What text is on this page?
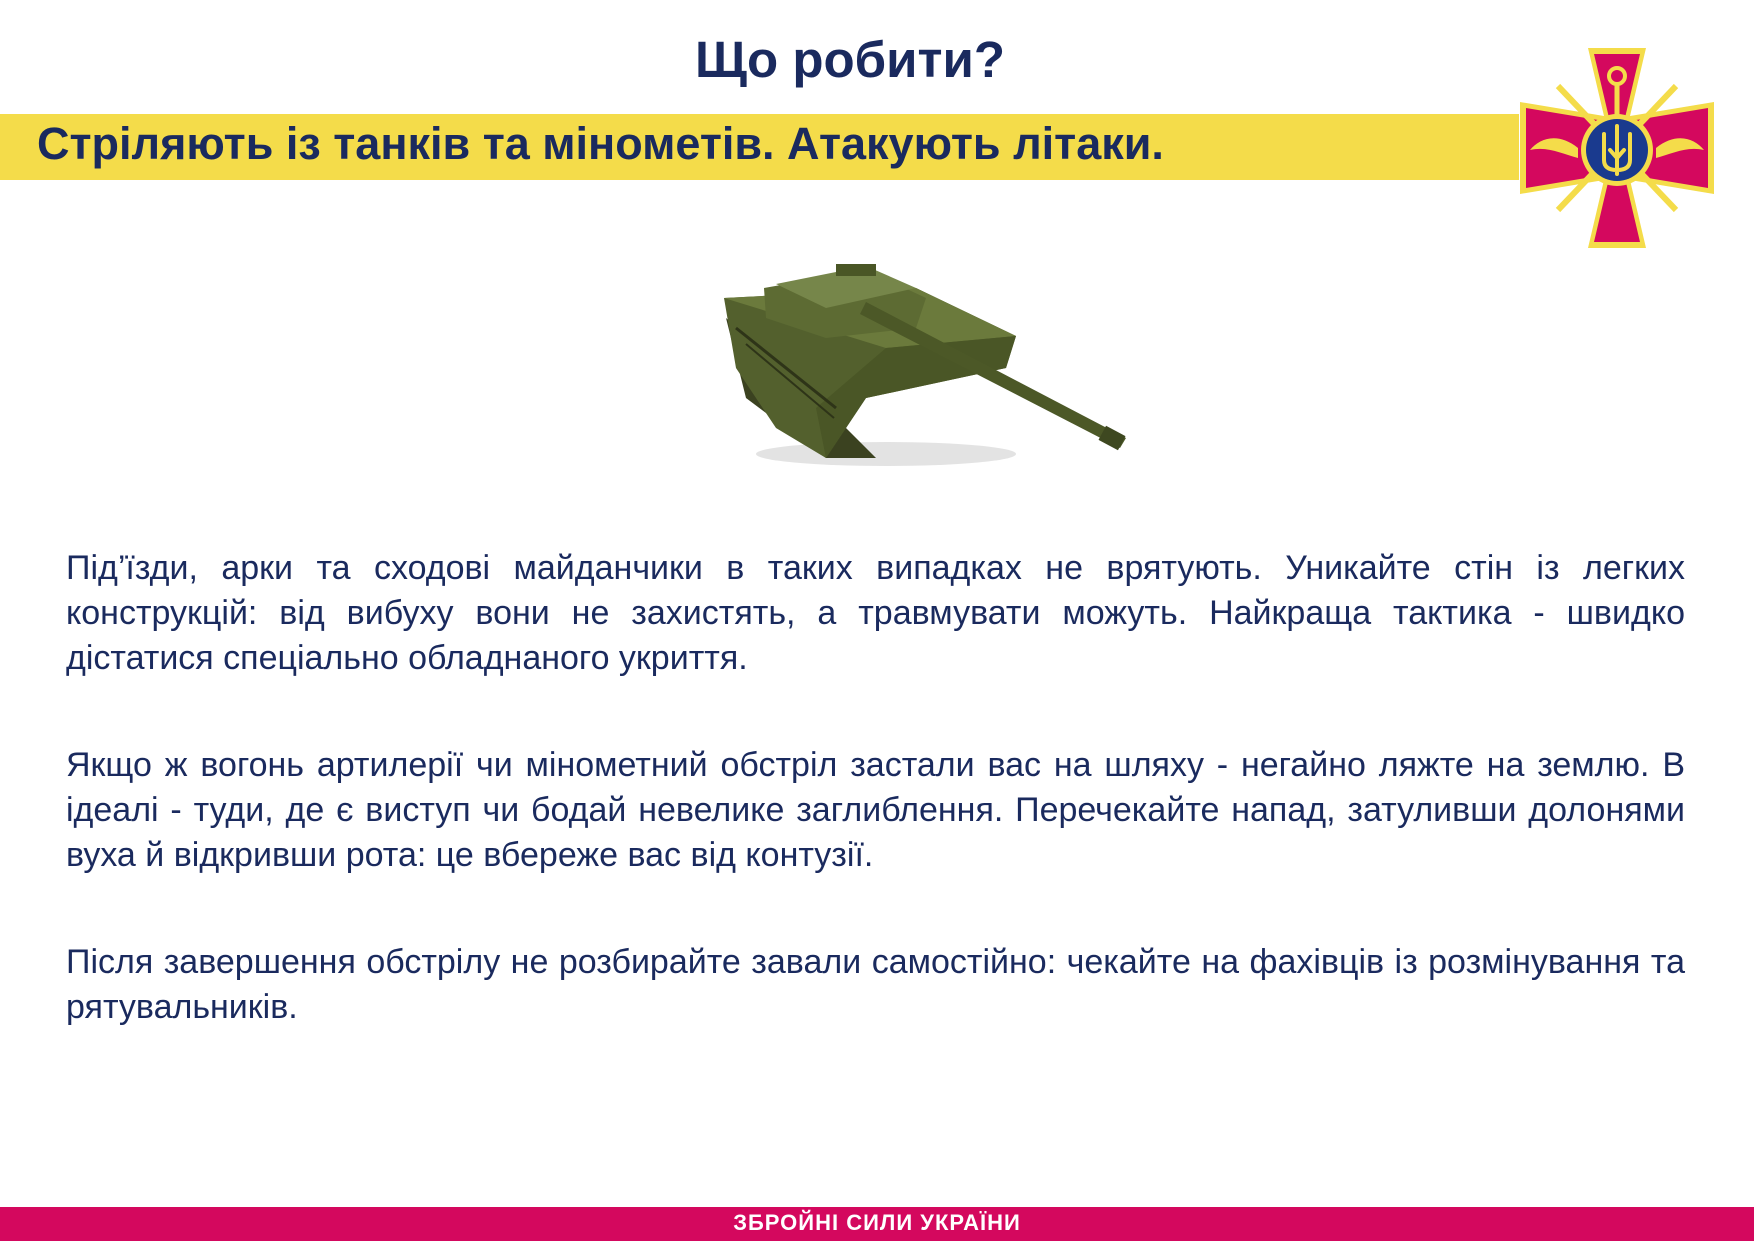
Що робити?
Стріляють із танків та мінометів. Атакують літаки.

Під’їзди, арки та сходові майданчики в таких випадках не врятують. Уникайте стін із легких конструкцій: від вибуху вони не захистять, а травмувати можуть. Найкраща тактика - швидко дістатися спеціально обладнаного укриття.

Якщо ж вогонь артилерії чи мінометний обстріл застали вас на шляху - негайно ляжте на землю. В ідеалі - туди, де є виступ чи бодай невелике заглиблення. Перечекайте напад, затуливши долонями вуха й відкривши рота: це вбереже вас від контузії.

Після завершення обстрілу не розбирайте завали самостійно: чекайте на фахівців із розмінування та рятувальників.

ЗБРОЙНІ СИЛИ УКРАЇНИ
